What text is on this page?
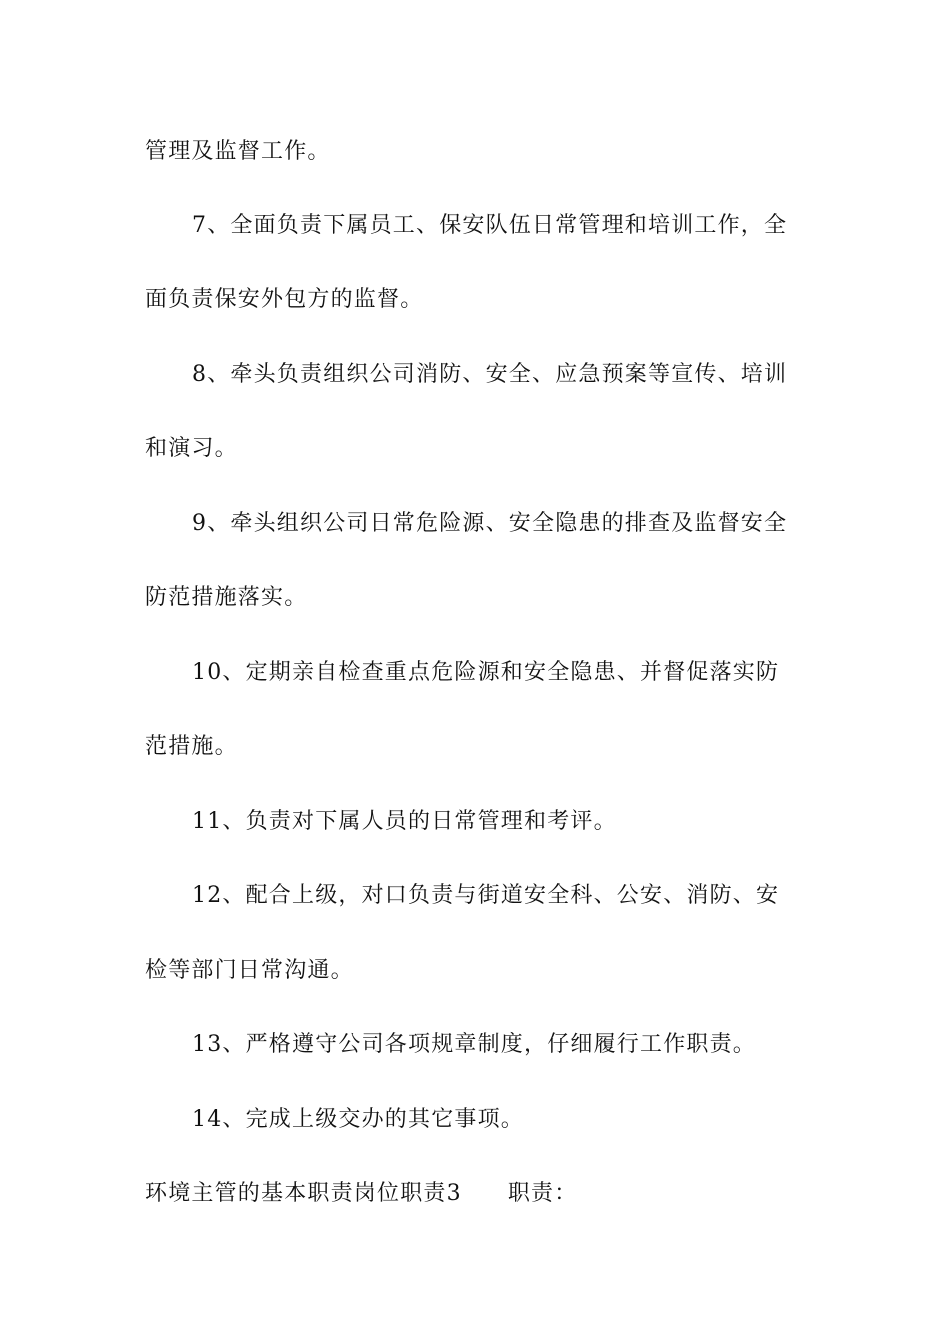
管理及监督工作。
7、全面负责下属员工、保安队伍日常管理和培训工作，全
面负责保安外包方的监督。
8、牵头负责组织公司消防、安全、应急预案等宣传、培训
和演习。
9、牵头组织公司日常危险源、安全隐患的排查及监督安全
防范措施落实。
10、定期亲自检查重点危险源和安全隐患、并督促落实防
范措施。
11、负责对下属人员的日常管理和考评。
12、配合上级，对口负责与街道安全科、公安、消防、安
检等部门日常沟通。
13、严格遵守公司各项规章制度，仔细履行工作职责。
14、完成上级交办的其它事项。
环境主管的基本职责岗位职责3 职责：
